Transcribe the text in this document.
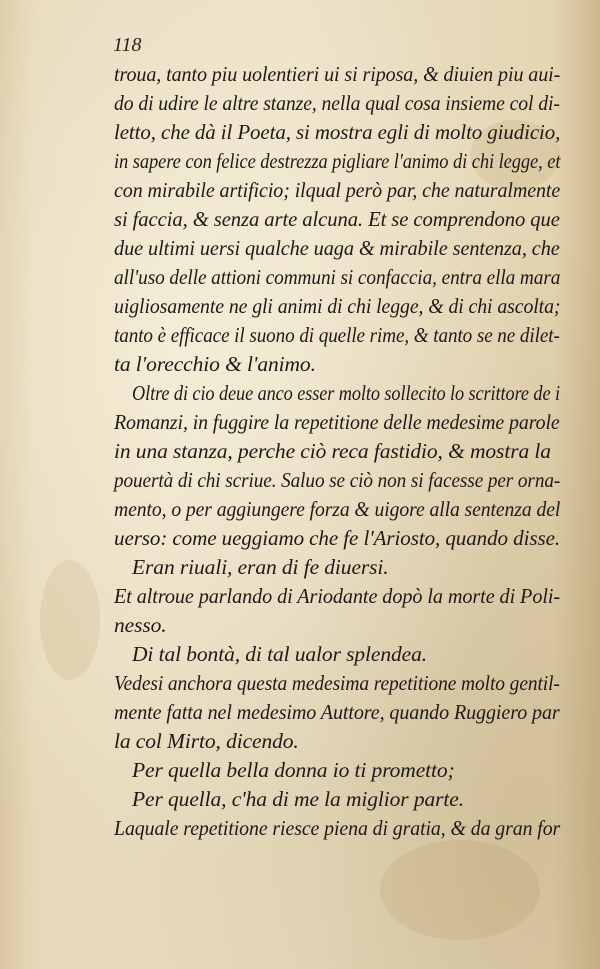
118
troua, tanto piu uolentieri ui si riposa, & diuien piu aui-
do di udire le altre stanze, nella qual cosa insieme col di-
letto, che dà il Poeta, si mostra egli di molto giudicio,
in sapere con felice destrezza pigliare l'animo di chi legge, et
con mirabile artificio; ilqual però par, che naturalmente
si faccia, & senza arte alcuna. Et se comprendono que
due ultimi uersi qualche uaga & mirabile sentenza, che
all'uso delle attioni communi si confaccia, entra ella mara
uigliosamente ne gli animi di chi legge, & di chi ascolta;
tanto è efficace il suono di quelle rime, & tanto se ne dilet-
ta l'orecchio & l'animo.
Oltre di cio deue anco esser molto sollecito lo scrittore de i
Romanzi, in fuggire la repetitione delle medesime parole
in una stanza, perche ciò reca fastidio, & mostra la
pouertà di chi scriue. Saluo se ciò non si facesse per orna-
mento, o per aggiungere forza & uigore alla sentenza del
uerso: come ueggiamo che fe l'Ariosto, quando disse.
Eran riuali, eran di fe diuersi.
Et altroue parlando di Ariodante dopò la morte di Poli-
nesso.
Di tal bontà, di tal ualor splendea.
Vedesi anchora questa medesima repetitione molto gentil-
mente fatta nel medesimo Auttore, quando Ruggiero par
la col Mirto, dicendo.
Per quella bella donna io ti prometto;
Per quella, c'ha di me la miglior parte.
Laquale repetitione riesce piena di gratia, & da gran for
